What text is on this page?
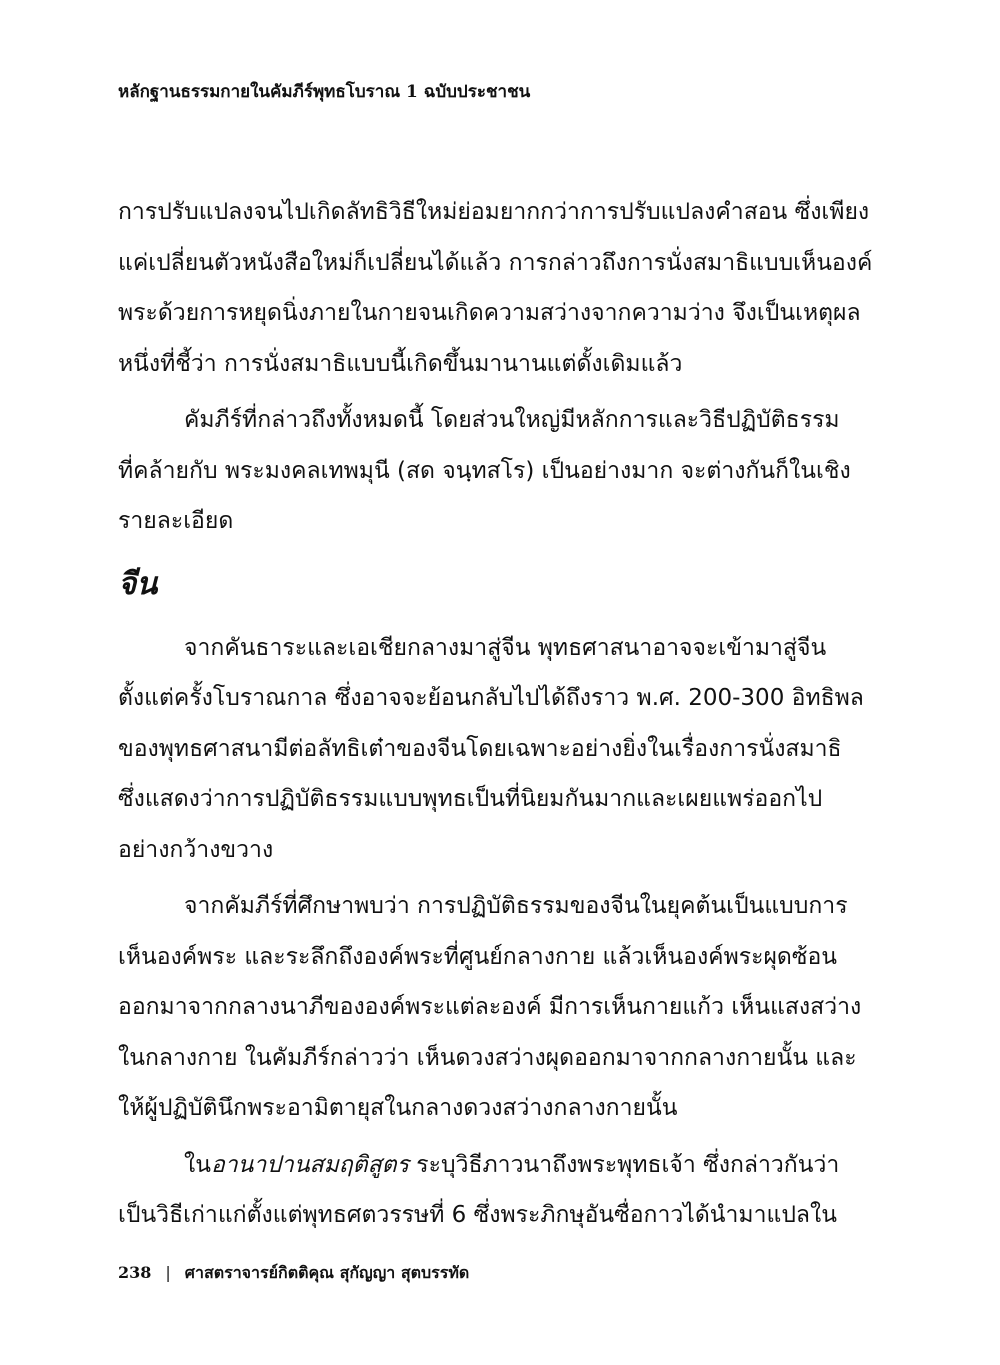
หลักฐานธรรมกายในคัมภีร์พุทธโบราณ 1 ฉบับประชาชน

การปรับแปลงจนไปเกิดลัทธิวิธีใหม่ย่อมยากกว่าการปรับแปลงคำสอน ซึ่งเพียง
แค่เปลี่ยนตัวหนังสือใหม่ก็เปลี่ยนได้แล้ว การกล่าวถึงการนั่งสมาธิแบบเห็นองค์
พระด้วยการหยุดนิ่งภายในกายจนเกิดความสว่างจากความว่าง จึงเป็นเหตุผล
หนึ่งที่ชี้ว่า การนั่งสมาธิแบบนี้เกิดขึ้นมานานแต่ดั้งเดิมแล้ว

คัมภีร์ที่กล่าวถึงทั้งหมดนี้ โดยส่วนใหญ่มีหลักการและวิธีปฏิบัติธรรม
ที่คล้ายกับ พระมงคลเทพมุนี (สด จนฺทสโร) เป็นอย่างมาก จะต่างกันก็ในเชิง
รายละเอียด

จีน

จากคันธาระและเอเชียกลางมาสู่จีน พุทธศาสนาอาจจะเข้ามาสู่จีน
ตั้งแต่ครั้งโบราณกาล ซึ่งอาจจะย้อนกลับไปได้ถึงราว พ.ศ. 200-300 อิทธิพล
ของพุทธศาสนามีต่อลัทธิเต๋าของจีนโดยเฉพาะอย่างยิ่งในเรื่องการนั่งสมาธิ
ซึ่งแสดงว่าการปฏิบัติธรรมแบบพุทธเป็นที่นิยมกันมากและเผยแพร่ออกไป
อย่างกว้างขวาง

จากคัมภีร์ที่ศึกษาพบว่า การปฏิบัติธรรมของจีนในยุคต้นเป็นแบบการ
เห็นองค์พระ และระลึกถึงองค์พระที่ศูนย์กลางกาย แล้วเห็นองค์พระผุดซ้อน
ออกมาจากกลางนาภีขององค์พระแต่ละองค์ มีการเห็นกายแก้ว เห็นแสงสว่าง
ในกลางกาย ในคัมภีร์กล่าวว่า เห็นดวงสว่างผุดออกมาจากกลางกายนั้น และ
ให้ผู้ปฏิบัตินึกพระอามิตายุสในกลางดวงสว่างกลางกายนั้น

ในอานาปานสมฤติสูตร ระบุวิธีภาวนาถึงพระพุทธเจ้า ซึ่งกล่าวกันว่า
เป็นวิธีเก่าแก่ตั้งแต่พุทธศตวรรษที่ 6 ซึ่งพระภิกษุอันซื่อกาวได้นำมาแปลใน

238 | ศาสตราจารย์กิตติคุณ สุกัญญา สุตบรรทัด
